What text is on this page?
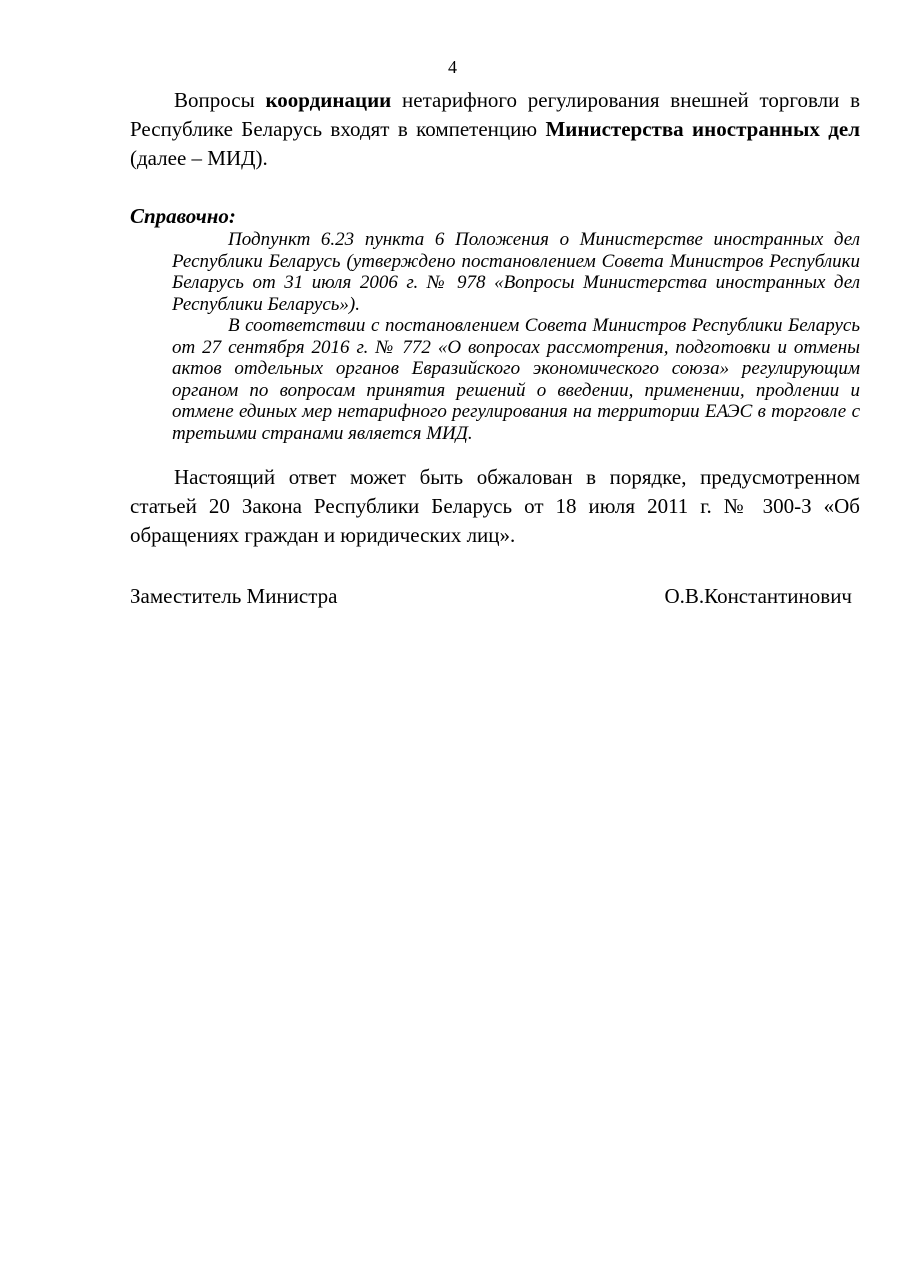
4

Вопросы координации нетарифного регулирования внешней торговли в Республике Беларусь входят в компетенцию Министерства иностранных дел (далее – МИД).

Справочно:

Подпункт 6.23 пункта 6 Положения о Министерстве иностранных дел Республики Беларусь (утверждено постановлением Совета Министров Республики Беларусь от 31 июля 2006 г. № 978 «Вопросы Министерства иностранных дел Республики Беларусь»).

В соответствии с постановлением Совета Министров Республики Беларусь от 27 сентября 2016 г. № 772 «О вопросах рассмотрения, подготовки и отмены актов отдельных органов Евразийского экономического союза» регулирующим органом по вопросам принятия решений о введении, применении, продлении и отмене единых мер нетарифного регулирования на территории ЕАЭС в торговле с третьими странами является МИД.

Настоящий ответ может быть обжалован в порядке, предусмотренном статьей 20 Закона Республики Беларусь от 18 июля 2011 г. № 300-З «Об обращениях граждан и юридических лиц».

Заместитель Министра	О.В.Константинович
